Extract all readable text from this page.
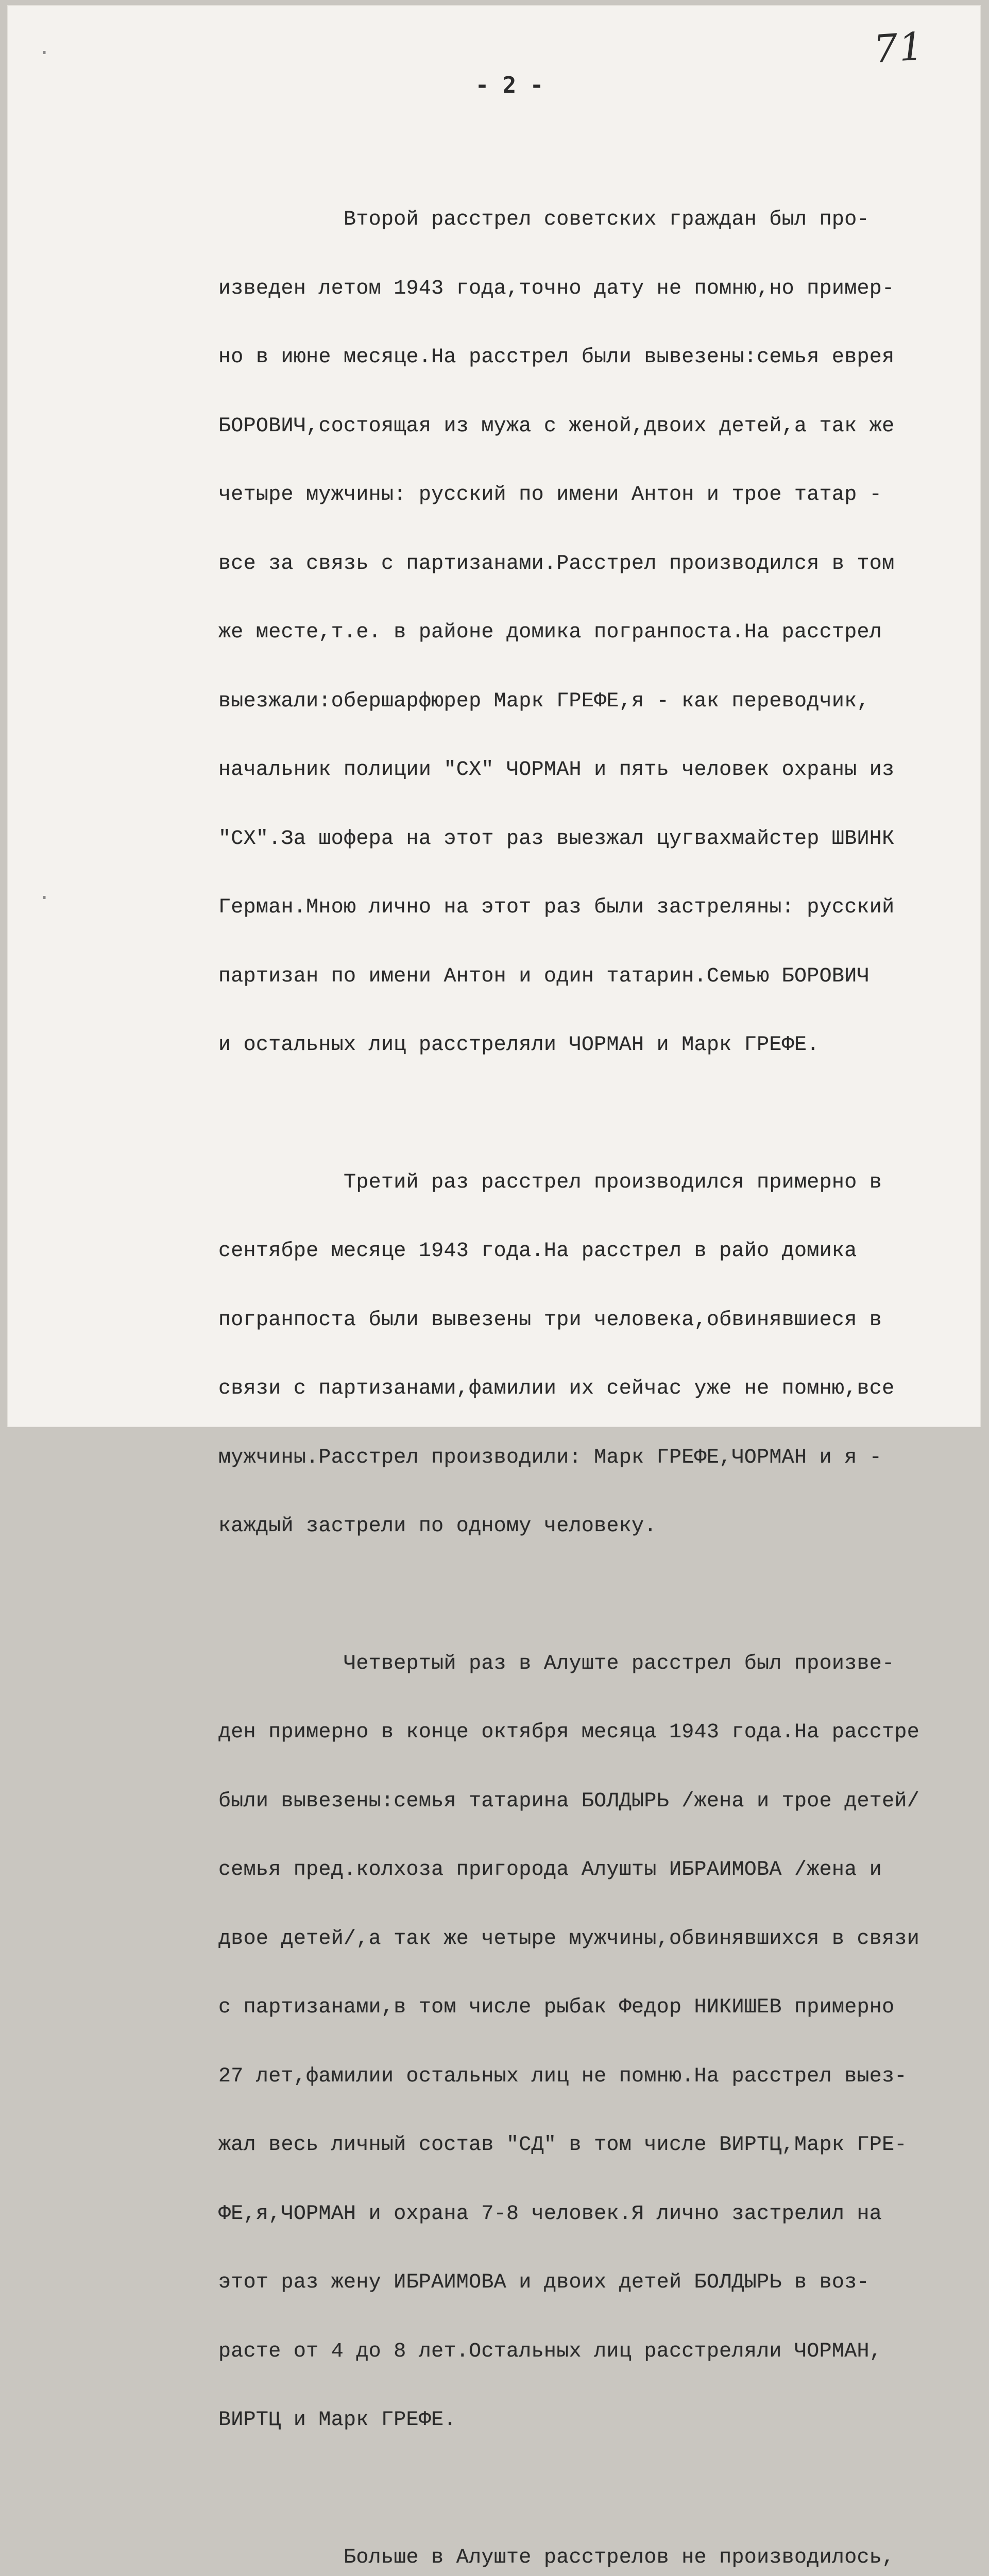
71
- 2 -
·
·

Второй расстрел советских граждан был про-

изведен летом 1943 года,точно дату не помню,но пример-

но в июне месяце.На расстрел были вывезены:семья еврея

БОРОВИЧ,состоящая из мужа с женой,двоих детей,а так же

четыре мужчины: русский по имени Антон и трое татар -

все за связь с партизанами.Расстрел производился в том

же месте,т.е. в районе домика погранпоста.На расстрел

выезжали:обершарфюрер Марк ГРЕФЕ,я - как переводчик,

начальник полиции "СХ" ЧОРМАН и пять человек охраны из

"СХ".За шофера на этот раз выезжал цугвахмайстер ШВИНК

Герман.Мною лично на этот раз были застреляны: русский

партизан по имени Антон и один татарин.Семью БОРОВИЧ

и остальных лиц расстреляли ЧОРМАН и Марк ГРЕФЕ.

Третий раз расстрел производился примерно в

сентябре месяце 1943 года.На расстрел в райо домика

погранпоста были вывезены три человека,обвинявшиеся в

связи с партизанами,фамилии их сейчас уже не помню,все

мужчины.Расстрел производили: Марк ГРЕФЕ,ЧОРМАН и я -

каждый застрели по одному человеку.

Четвертый раз в Алуште расстрел был произве-

ден примерно в конце октября месяца 1943 года.На расстре

были вывезены:семья татарина БОЛДЫРЬ /жена и трое детей/

семья пред.колхоза пригорода Алушты ИБРАИМОВА /жена и

двое детей/,а так же четыре мужчины,обвинявшихся в связи

с партизанами,в том числе рыбак Федор НИКИШЕВ примерно

27 лет,фамилии остальных лиц не помню.На расстрел выез-

жал весь личный состав "СД" в том числе ВИРТЦ,Марк ГРЕ-

ФЕ,я,ЧОРМАН и охрана 7-8 человек.Я лично застрелил на

этот раз жену ИБРАИМОВА и двоих детей БОЛДЫРЬ в воз-

расте от 4 до 8 лет.Остальных лиц расстреляли ЧОРМАН,

ВИРТЦ и Марк ГРЕФЕ.

Больше в Алуште расстрелов не производилось,
